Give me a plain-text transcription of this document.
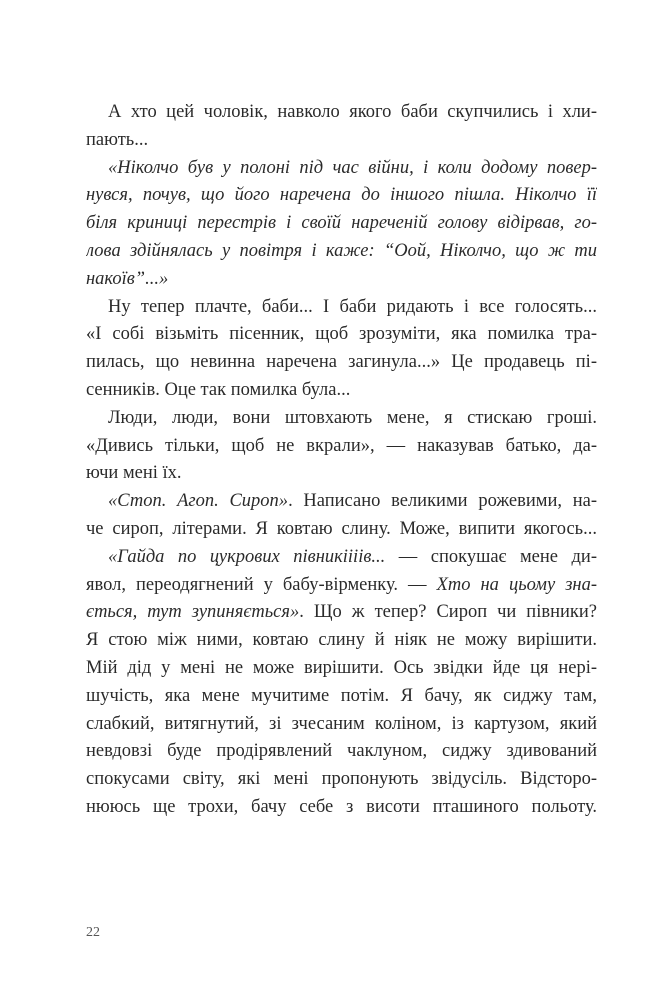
А хто цей чоловік, навколо якого баби скупчились і хли-
пають...
«Ніколчо був у полоні під час війни, і коли додому повер-
нувся, почув, що його наречена до іншого пішла. Ніколчо її
біля криниці перестрів і своїй нареченій голову відірвав, го-
лова здійнялась у повітря і каже: “Оой, Ніколчо, що ж ти
накоїв”...»
Ну тепер плачте, баби... І баби ридають і все голосять...
«І собі візьміть пісенник, щоб зрозуміти, яка помилка тра-
пилась, що невинна наречена загинула...» Це продавець пі-
сенників. Оце так помилка була...
Люди, люди, вони штовхають мене, я стискаю гроші.
«Дивись тільки, щоб не вкрали», — наказував батько, да-
ючи мені їх.
«Стоп. Агоп. Сироп». Написано великими рожевими, на-
че сироп, літерами. Я ковтаю слину. Може, випити якогось...
«Гайда по цукрових півникіііів... — спокушає мене ди-
явол, переодягнений у бабу-вірменку. — Хто на цьому зна-
ється, тут зупиняється». Що ж тепер? Сироп чи півники?
Я стою між ними, ковтаю слину й ніяк не можу вирішити.
Мій дід у мені не може вирішити. Ось звідки йде ця нері-
шучість, яка мене мучитиме потім. Я бачу, як сиджу там,
слабкий, витягнутий, зі зчесаним коліном, із картузом, який
невдовзі буде продірявлений чаклуном, сиджу здивований
спокусами світу, які мені пропонують звідусіль. Відсторо-
нююсь ще трохи, бачу себе з висоти пташиного польоту.
22
